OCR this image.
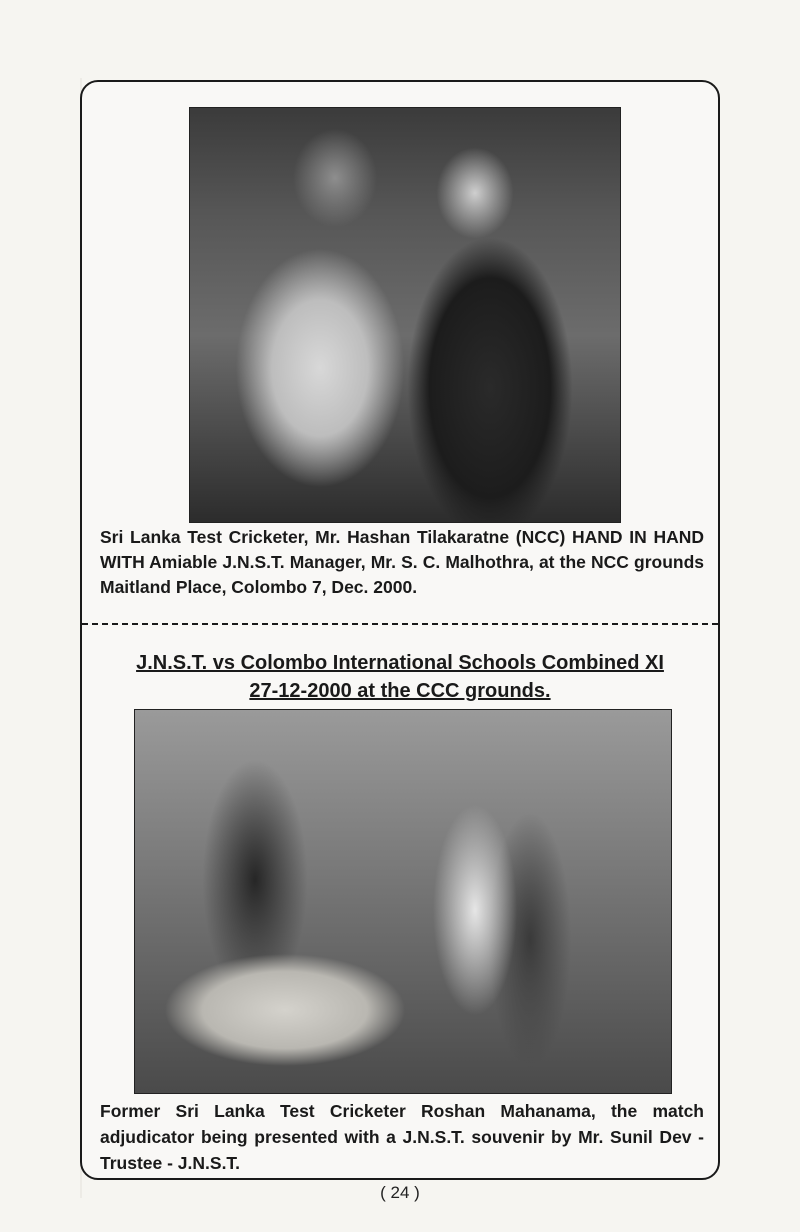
Sri Lanka Test Cricketer, Mr. Hashan Tilakaratne (NCC) HAND IN HAND WITH Amiable J.N.S.T. Manager, Mr. S. C. Malhothra, at the NCC grounds Maitland Place, Colombo 7, Dec. 2000.

J.N.S.T. vs Colombo International Schools Combined XI
27-12-2000 at the CCC grounds.

Former Sri Lanka Test Cricketer Roshan Mahanama, the match adjudicator being presented with a J.N.S.T. souvenir by Mr. Sunil Dev - Trustee - J.N.S.T.

( 24 )
